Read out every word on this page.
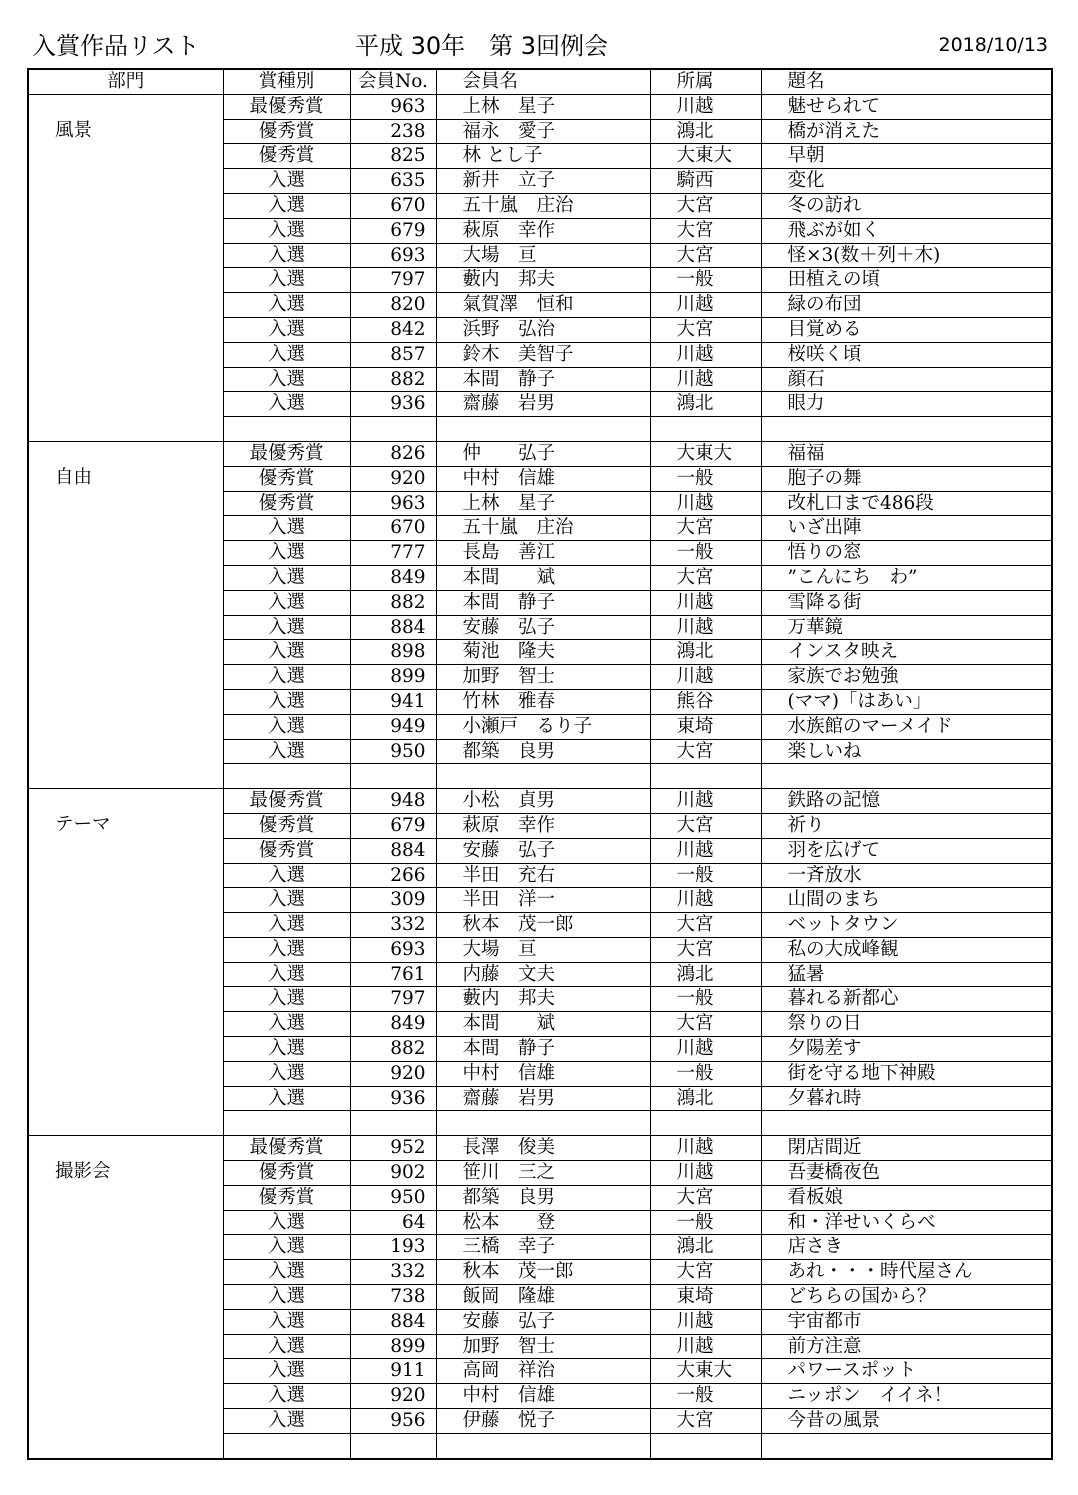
入賞作品リスト	平成 30年　第 3回例会	2018/10/13
部門	賞種別	会員No.	会員名	所属	題名

風景	最優秀賞	963	上林　星子	川越	魅せられて
	優秀賞	238	福永　愛子	鴻北	橋が消えた
	優秀賞	825	林 とし子	大東大	早朝
	入選	635	新井　立子	騎西	変化
	入選	670	五十嵐　庄治	大宮	冬の訪れ
	入選	679	萩原　幸作	大宮	飛ぶが如く
	入選	693	大場　亘	大宮	怪×3(数＋列＋木)
	入選	797	藪内　邦夫	一般	田植えの頃
	入選	820	氣賀澤　恒和	川越	緑の布団
	入選	842	浜野　弘治	大宮	目覚める
	入選	857	鈴木　美智子	川越	桜咲く頃
	入選	882	本間　静子	川越	顔石
	入選	936	齋藤　岩男	鴻北	眼力

自由	最優秀賞	826	仲　　弘子	大東大	福福
	優秀賞	920	中村　信雄	一般	胞子の舞
	優秀賞	963	上林　星子	川越	改札口まで486段
	入選	670	五十嵐　庄治	大宮	いざ出陣
	入選	777	長島　善江	一般	悟りの窓
	入選	849	本間　　斌	大宮	”こんにち　わ”
	入選	882	本間　静子	川越	雪降る街
	入選	884	安藤　弘子	川越	万華鏡
	入選	898	菊池　隆夫	鴻北	インスタ映え
	入選	899	加野　智士	川越	家族でお勉強
	入選	941	竹林　雅春	熊谷	(ママ)「はあい」
	入選	949	小瀬戸　るり子	東埼	水族館のマーメイド
	入選	950	都築　良男	大宮	楽しいね

テーマ	最優秀賞	948	小松　貞男	川越	鉄路の記憶
	優秀賞	679	萩原　幸作	大宮	祈り
	優秀賞	884	安藤　弘子	川越	羽を広げて
	入選	266	半田　充右	一般	一斉放水
	入選	309	半田　洋一	川越	山間のまち
	入選	332	秋本　茂一郎	大宮	ベットタウン
	入選	693	大場　亘	大宮	私の大成峰観
	入選	761	内藤　文夫	鴻北	猛暑
	入選	797	藪内　邦夫	一般	暮れる新都心
	入選	849	本間　　斌	大宮	祭りの日
	入選	882	本間　静子	川越	夕陽差す
	入選	920	中村　信雄	一般	街を守る地下神殿
	入選	936	齋藤　岩男	鴻北	夕暮れ時

撮影会	最優秀賞	952	長澤　俊美	川越	閉店間近
	優秀賞	902	笹川　三之	川越	吾妻橋夜色
	優秀賞	950	都築　良男	大宮	看板娘
	入選	64	松本　　登	一般	和・洋せいくらべ
	入選	193	三橋　幸子	鴻北	店さき
	入選	332	秋本　茂一郎	大宮	あれ・・・時代屋さん
	入選	738	飯岡　隆雄	東埼	どちらの国から？
	入選	884	安藤　弘子	川越	宇宙都市
	入選	899	加野　智士	川越	前方注意
	入選	911	高岡　祥治	大東大	パワースポット
	入選	920	中村　信雄	一般	ニッポン　イイネ！
	入選	956	伊藤　悦子	大宮	今昔の風景
